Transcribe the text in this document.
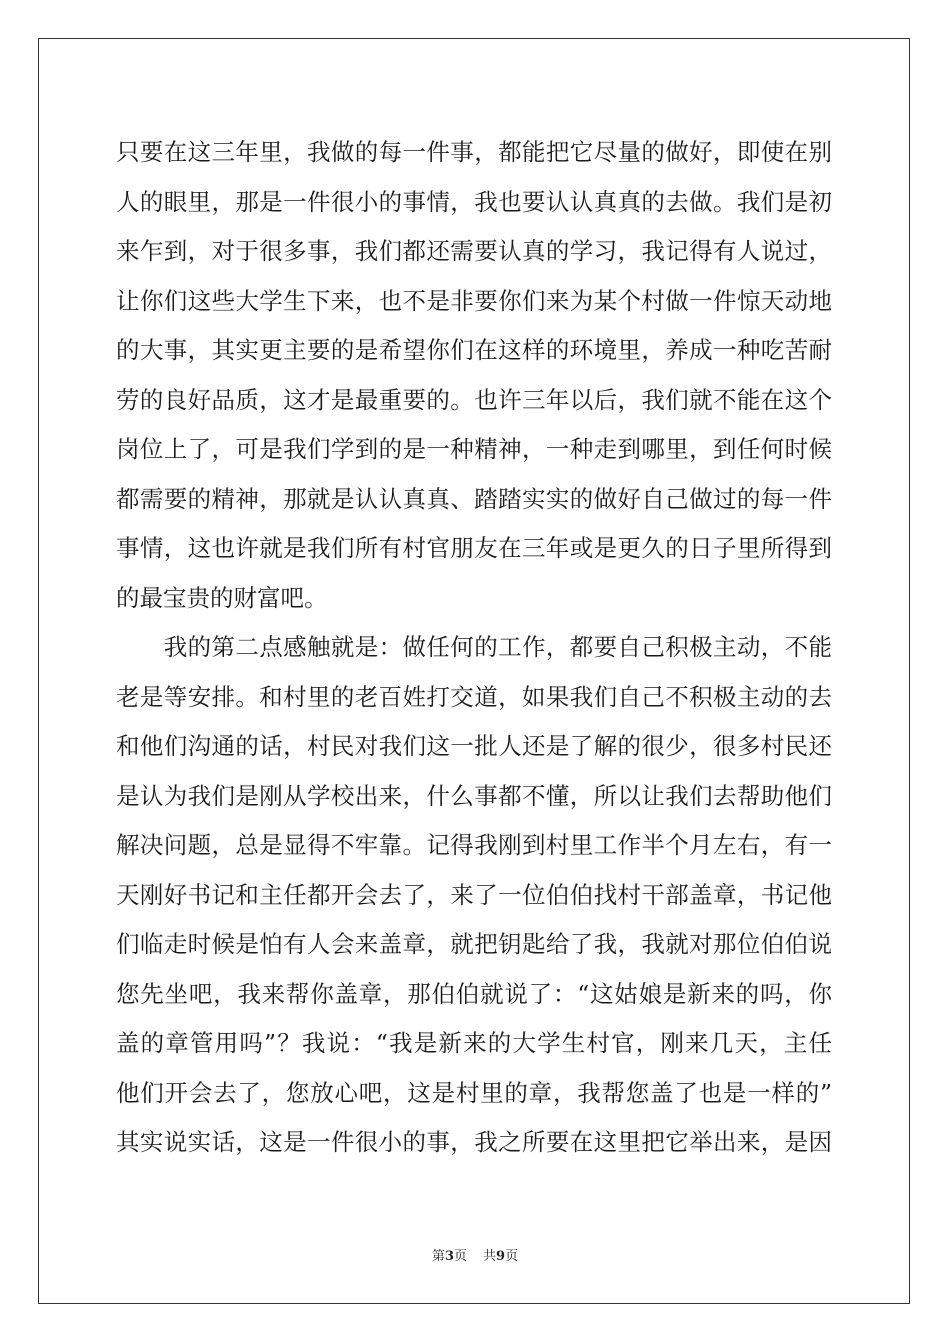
只要在这三年里，我做的每一件事，都能把它尽量的做好，即使在别
人的眼里，那是一件很小的事情，我也要认认真真的去做。我们是初
来乍到，对于很多事，我们都还需要认真的学习，我记得有人说过，
让你们这些大学生下来，也不是非要你们来为某个村做一件惊天动地
的大事，其实更主要的是希望你们在这样的环境里，养成一种吃苦耐
劳的良好品质，这才是最重要的。也许三年以后，我们就不能在这个
岗位上了，可是我们学到的是一种精神，一种走到哪里，到任何时候
都需要的精神，那就是认认真真、踏踏实实的做好自己做过的每一件
事情，这也许就是我们所有村官朋友在三年或是更久的日子里所得到
的最宝贵的财富吧。
　　我的第二点感触就是：做任何的工作，都要自己积极主动，不能
老是等安排。和村里的老百姓打交道，如果我们自己不积极主动的去
和他们沟通的话，村民对我们这一批人还是了解的很少，很多村民还
是认为我们是刚从学校出来，什么事都不懂，所以让我们去帮助他们
解决问题，总是显得不牢靠。记得我刚到村里工作半个月左右，有一
天刚好书记和主任都开会去了，来了一位伯伯找村干部盖章，书记他
们临走时候是怕有人会来盖章，就把钥匙给了我，我就对那位伯伯说
您先坐吧，我来帮你盖章，那伯伯就说了：“这姑娘是新来的吗，你
盖的章管用吗”？我说：“我是新来的大学生村官，刚来几天，主任
他们开会去了，您放心吧，这是村里的章，我帮您盖了也是一样的”
其实说实话，这是一件很小的事，我之所要在这里把它举出来，是因
第3页 共9页
